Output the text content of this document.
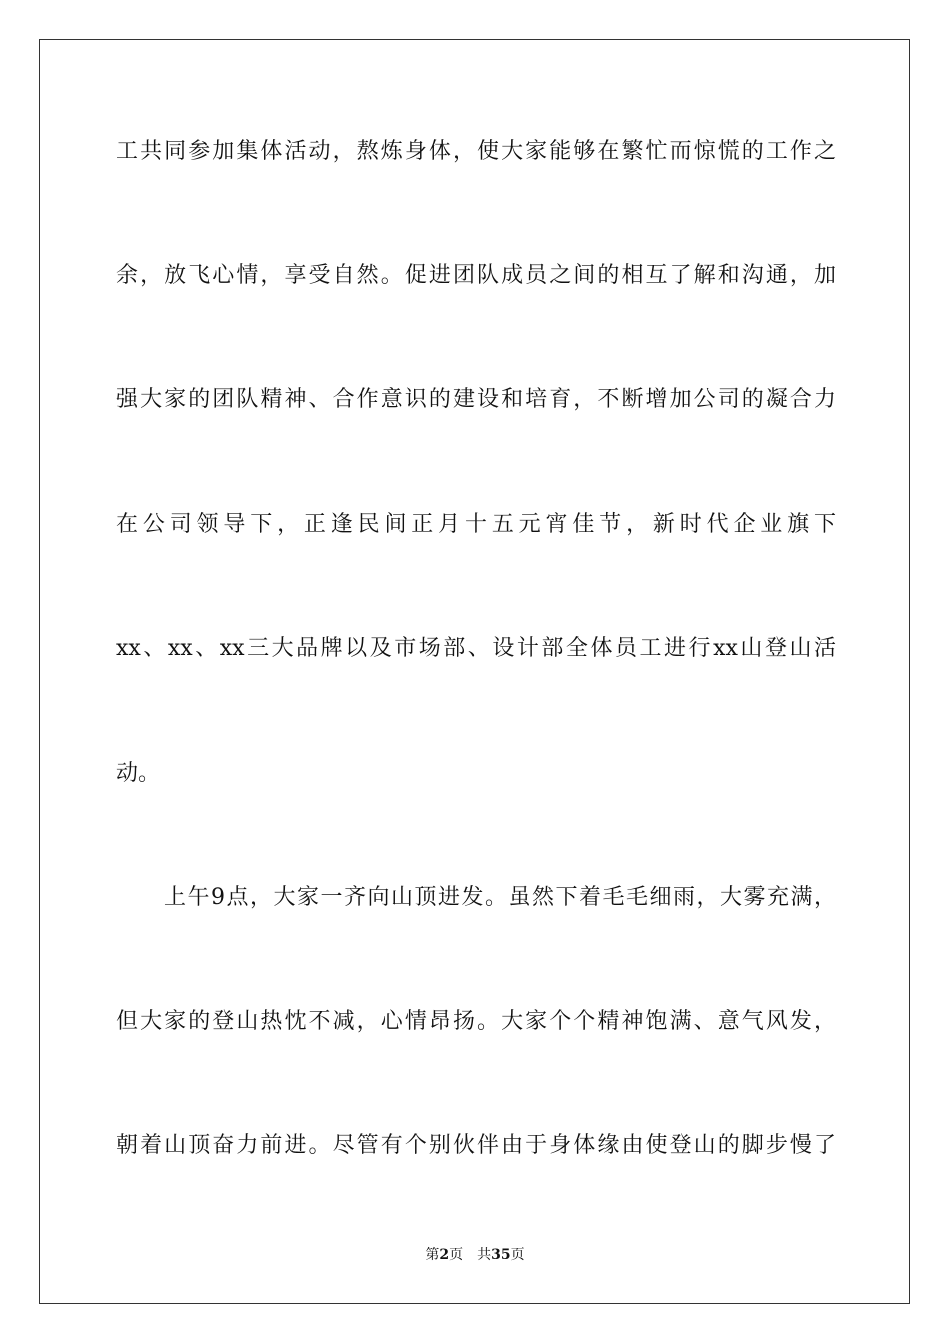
工共同参加集体活动，熬炼身体，使大家能够在繁忙而惊慌的工作之

余，放飞心情，享受自然。促进团队成员之间的相互了解和沟通，加

强大家的团队精神、合作意识的建设和培育，不断增加公司的凝合力

在公司领导下，正逢民间正月十五元宵佳节，新时代企业旗下

xx、xx、xx三大品牌以及市场部、设计部全体员工进行xx山登山活

动。

上午9点，大家一齐向山顶进发。虽然下着毛毛细雨，大雾充满，

但大家的登山热忱不减，心情昂扬。大家个个精神饱满、意气风发，

朝着山顶奋力前进。尽管有个别伙伴由于身体缘由使登山的脚步慢了

第2页 共35页
